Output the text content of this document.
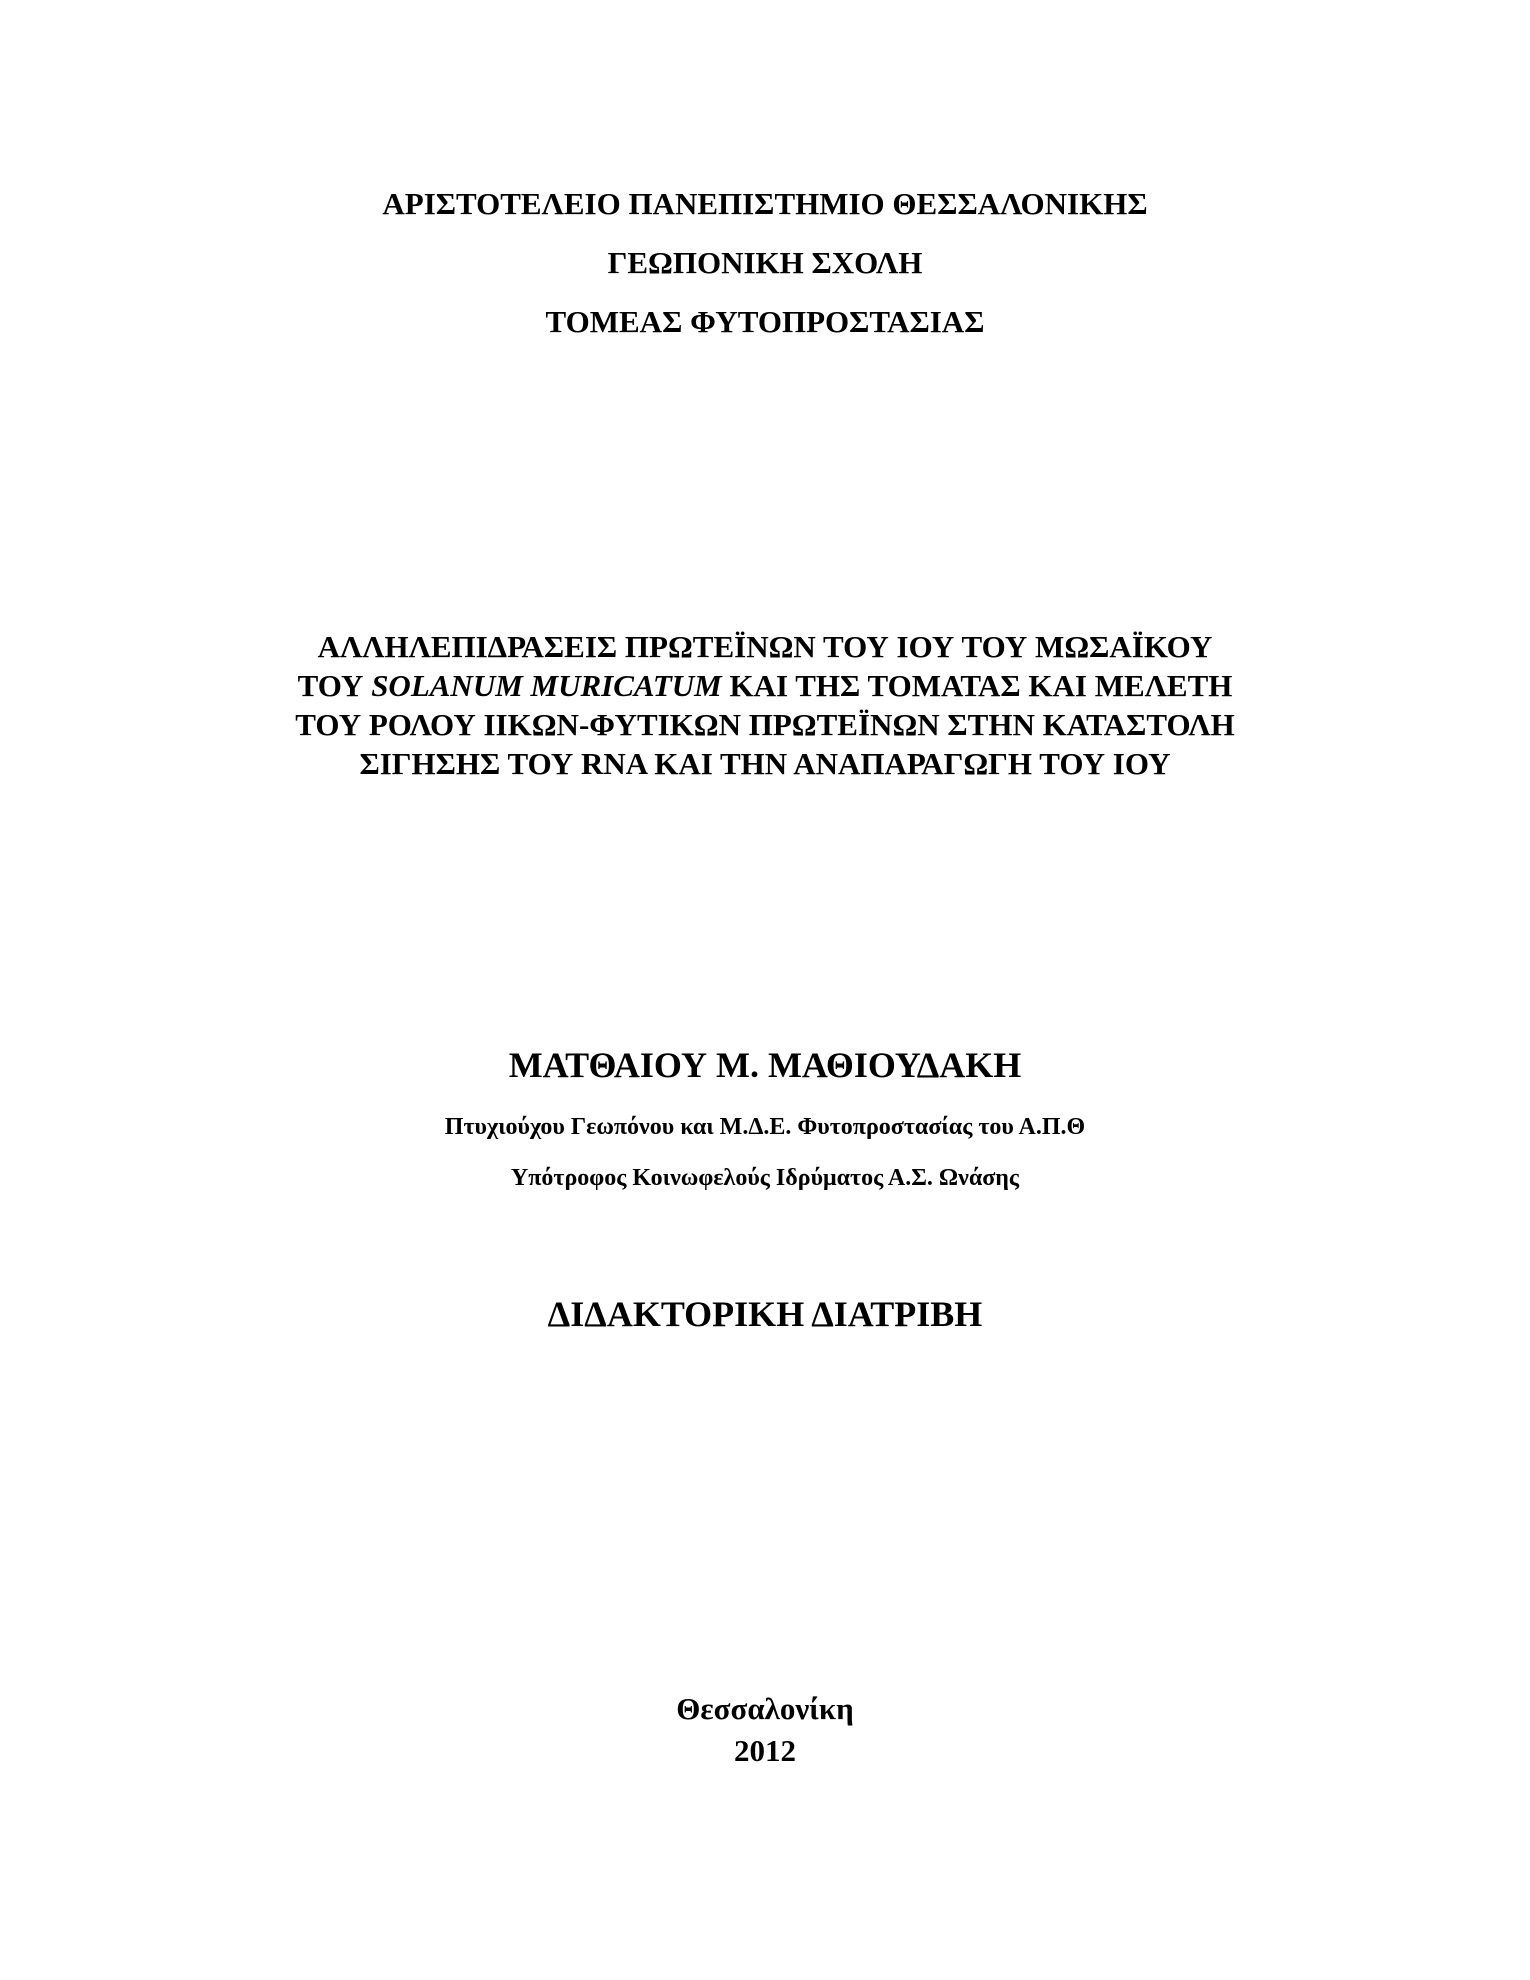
ΑΡΙΣΤΟΤΕΛΕΙΟ ΠΑΝΕΠΙΣΤΗΜΙΟ ΘΕΣΣΑΛΟΝΙΚΗΣ
ΓΕΩΠΟΝΙΚΗ ΣΧΟΛΗ
ΤΟΜΕΑΣ ΦΥΤΟΠΡΟΣΤΑΣΙΑΣ
ΑΛΛΗΛΕΠΙΔΡΑΣΕΙΣ ΠΡΩΤΕΪΝΩΝ ΤΟΥ ΙΟΥ ΤΟΥ ΜΩΣΑΪΚΟΥ
ΤΟΥ SOLANUM MURICATUM ΚΑΙ ΤΗΣ ΤΟΜΑΤΑΣ ΚΑΙ ΜΕΛΕΤΗ
ΤΟΥ ΡΟΛΟΥ ΙΙΚΩΝ-ΦΥΤΙΚΩΝ ΠΡΩΤΕΪΝΩΝ ΣΤΗΝ ΚΑΤΑΣΤΟΛΗ
ΣΙΓΗΣΗΣ ΤΟΥ RNA ΚΑΙ ΤΗΝ ΑΝΑΠΑΡΑΓΩΓΗ ΤΟΥ ΙΟΥ
ΜΑΤΘΑΙΟΥ Μ. ΜΑΘΙΟΥΔΑΚΗ
Πτυχιούχου Γεωπόνου και Μ.Δ.Ε. Φυτοπροστασίας του Α.Π.Θ
Υπότροφος Κοινωφελούς Ιδρύματος Α.Σ. Ωνάσης
ΔΙΔΑΚΤΟΡΙΚΗ ΔΙΑΤΡΙΒΗ
Θεσσαλονίκη
2012
